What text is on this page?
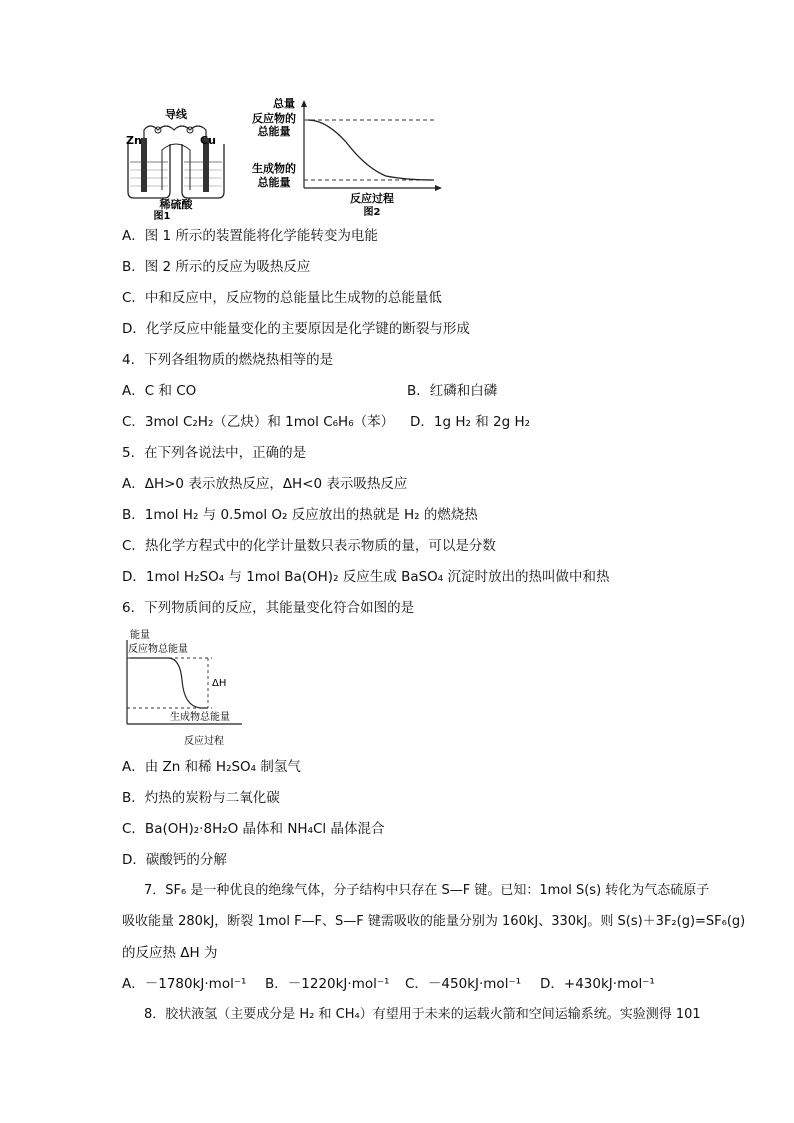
导线
Zn	Cu
稀硫酸
图1
总量
反应物的
总能量
生成物的
总能量
反应过程
图2
A．图 1 所示的装置能将化学能转变为电能
B．图 2 所示的反应为吸热反应
C．中和反应中，反应物的总能量比生成物的总能量低
D．化学反应中能量变化的主要原因是化学键的断裂与形成
4．下列各组物质的燃烧热相等的是
A．C 和 CO	B．红磷和白磷
C．3mol C₂H₂（乙炔）和 1mol C₆H₆（苯） D．1g H₂ 和 2g H₂
5．在下列各说法中，正确的是
A．ΔH>0 表示放热反应，ΔH<0 表示吸热反应
B．1mol H₂ 与 0.5mol O₂ 反应放出的热就是 H₂ 的燃烧热
C．热化学方程式中的化学计量数只表示物质的量，可以是分数
D．1mol H₂SO₄ 与 1mol Ba(OH)₂ 反应生成 BaSO₄ 沉淀时放出的热叫做中和热
6．下列物质间的反应，其能量变化符合如图的是
能量
反应物总能量
ΔH
生成物总能量
反应过程
A．由 Zn 和稀 H₂SO₄ 制氢气
B．灼热的炭粉与二氧化碳
C．Ba(OH)₂·8H₂O 晶体和 NH₄Cl 晶体混合
D．碳酸钙的分解
7．SF₆ 是一种优良的绝缘气体，分子结构中只存在 S—F 键。已知：1mol S(s) 转化为气态硫原子
吸收能量 280kJ，断裂 1mol F—F、S—F 键需吸收的能量分别为 160kJ、330kJ。则 S(s)＋3F₂(g)=SF₆(g)
的反应热 ΔH 为
A．－1780kJ·mol⁻¹ B．－1220kJ·mol⁻¹ C．－450kJ·mol⁻¹ D．+430kJ·mol⁻¹
8．胶状液氢（主要成分是 H₂ 和 CH₄）有望用于未来的运载火箭和空间运输系统。实验测得 101
